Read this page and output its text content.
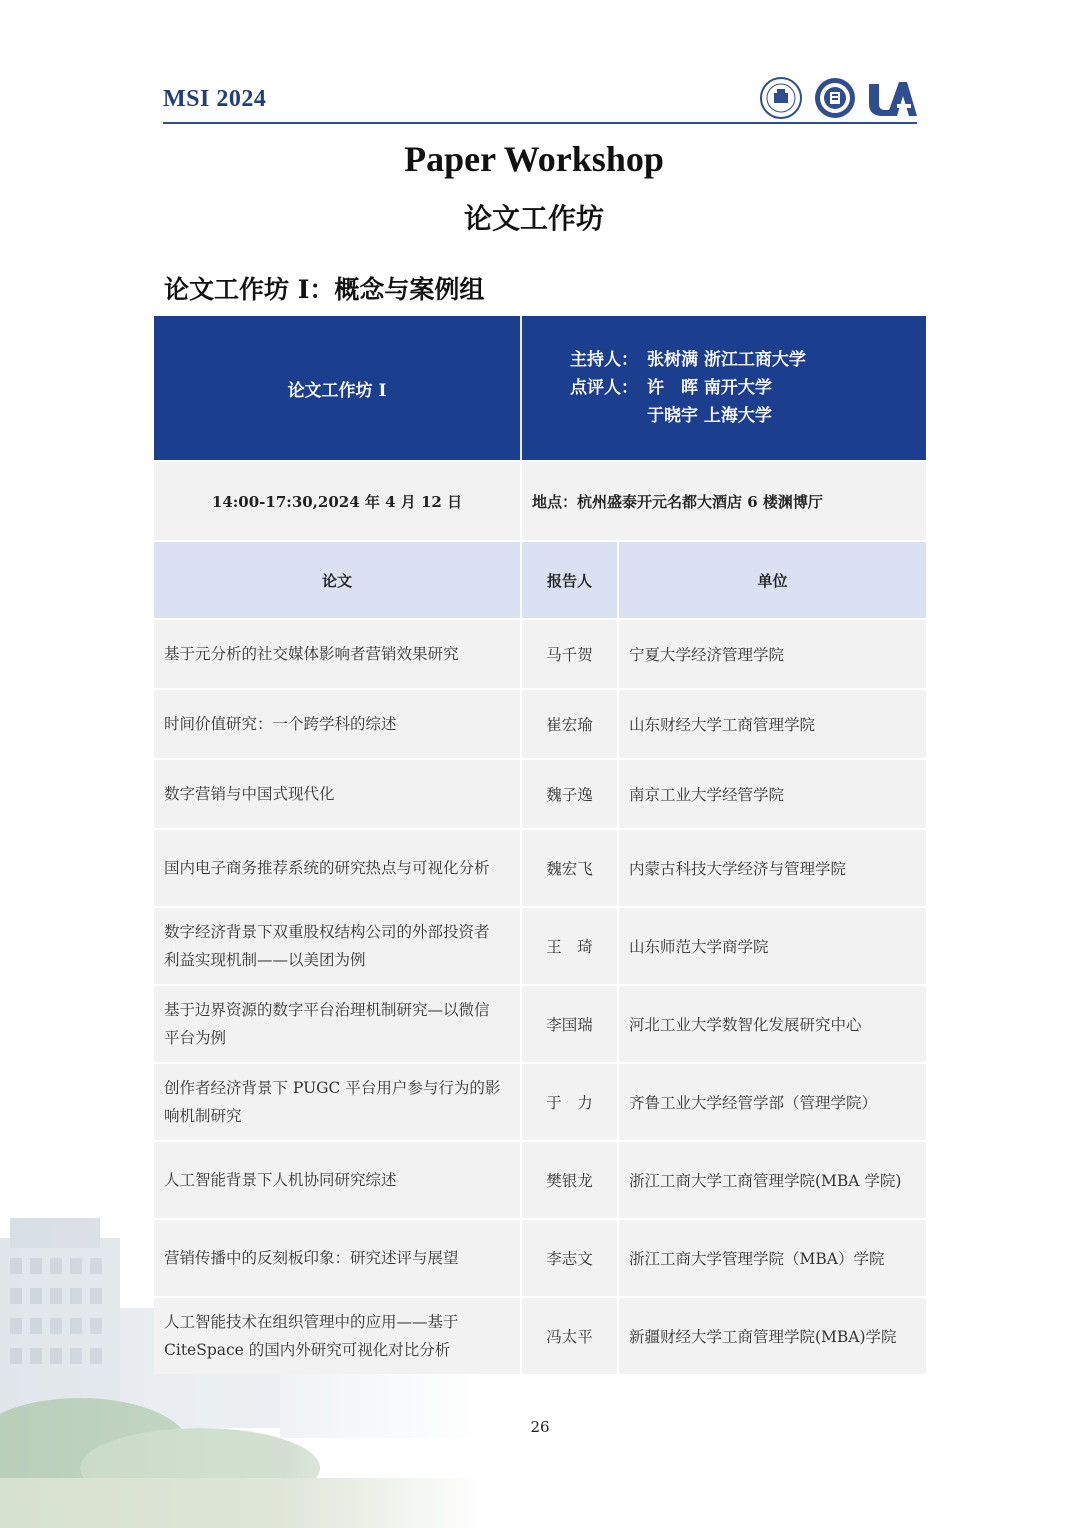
MSI 2024
Paper Workshop
论文工作坊
论文工作坊 I：概念与案例组
论文工作坊 I
主持人： 张树满 浙江工商大学
点评人： 许　晖 南开大学
于晓宇 上海大学
14:00-17:30,2024 年 4 月 12 日	地点：杭州盛泰开元名都大酒店 6 楼渊博厅
论文	报告人	单位
基于元分析的社交媒体影响者营销效果研究	马千贺	宁夏大学经济管理学院
时间价值研究：一个跨学科的综述	崔宏瑜	山东财经大学工商管理学院
数字营销与中国式现代化	魏子逸	南京工业大学经管学院
国内电子商务推荐系统的研究热点与可视化分析	魏宏飞	内蒙古科技大学经济与管理学院
数字经济背景下双重股权结构公司的外部投资者
利益实现机制——以美团为例
王　琦	山东师范大学商学院
基于边界资源的数字平台治理机制研究—以微信
平台为例
李国瑞	河北工业大学数智化发展研究中心
创作者经济背景下 PUGC 平台用户参与行为的影
响机制研究
于　力	齐鲁工业大学经管学部（管理学院）
人工智能背景下人机协同研究综述	樊银龙	浙江工商大学工商管理学院(MBA 学院)
营销传播中的反刻板印象：研究述评与展望	李志文	浙江工商大学管理学院（MBA）学院
人工智能技术在组织管理中的应用——基于
CiteSpace 的国内外研究可视化对比分析
冯太平	新疆财经大学工商管理学院(MBA)学院
26
